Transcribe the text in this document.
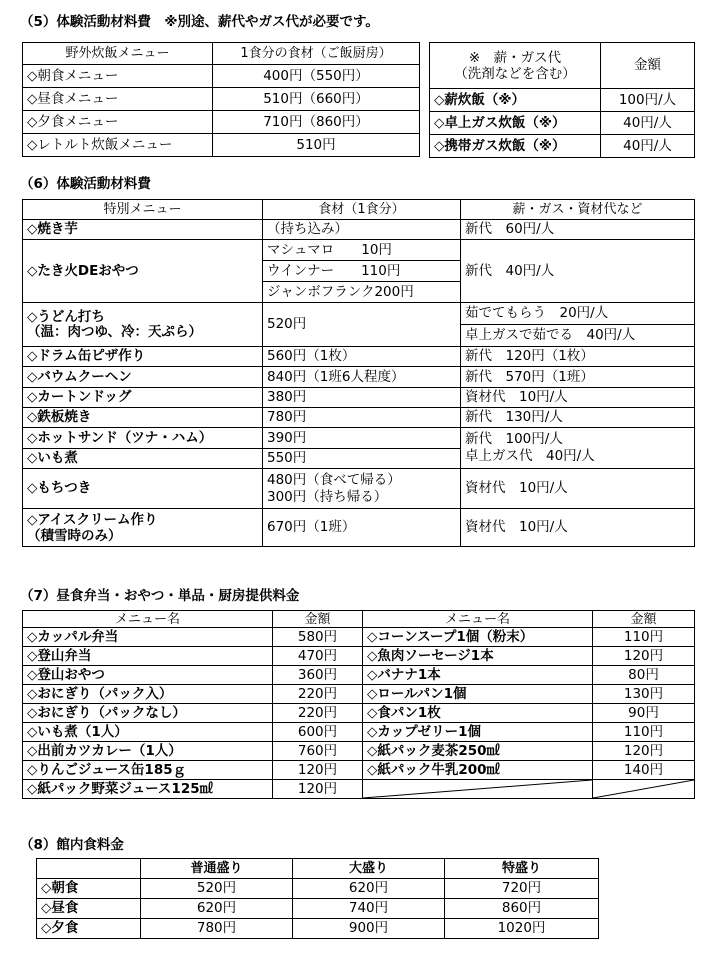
（5）体験活動材料費　※別途、薪代やガス代が必要です。
野外炊飯メニュー	1食分の食材（ご飯厨房）
◇朝食メニュー	400円（550円）
◇昼食メニュー	510円（660円）
◇夕食メニュー	710円（860円）
◇レトルト炊飯メニュー	510円
※　薪・ガス代
（洗剤などを含む）	金額
◇薪炊飯（※）	100円/人
◇卓上ガス炊飯（※）	40円/人
◇携帯ガス炊飯（※）	40円/人
（6）体験活動材料費
特別メニュー	食材（1食分）	薪・ガス・資材代など
◇焼き芋	（持ち込み）	新代　60円/人
◇たき火DEおやつ	マシュマロ　　10円	新代　40円/人
	ウインナー　　110円	
	ジャンボフランク200円	

◇うどん打ち
（温：肉つゆ、冷：天ぷら）	520円	茹でてもらう　20円/人
		卓上ガスで茹でる　40円/人
◇ドラム缶ピザ作り	560円（1枚）	新代　120円（1枚）
◇バウムクーヘン	840円（1班6人程度）	新代　570円（1班）
◇カートンドッグ	380円	資材代　10円/人
◇鉄板焼き	780円	新代　130円/人
◇ホットサンド（ツナ・ハム）	390円	新代　100円/人
卓上ガス代　40円/人

◇いも煮	550円	
◇もちつき	480円（食べて帰る）
300円（持ち帰る）	資材代　10円/人

◇アイスクリーム作り
（積雪時のみ）	670円（1班）	資材代　10円/人
（7）昼食弁当・おやつ・単品・厨房提供料金
メニュー名	金額	メニュー名	金額
◇カッパル弁当	580円	◇コーンスープ1個（粉末）	110円
◇登山弁当	470円	◇魚肉ソーセージ1本	120円
◇登山おやつ	360円	◇バナナ1本	80円
◇おにぎり（パック入）	220円	◇ロールパン1個	130円
◇おにぎり（パックなし）	220円	◇食パン1枚	90円
◇いも煮（1人）	600円	◇カップゼリー1個	110円
◇出前カツカレー（1人）	760円	◇紙パック麦茶250㎖	120円
◇りんごジュース缶185ｇ	120円	◇紙パック牛乳200㎖	140円
◇紙パック野菜ジュース125㎖	120円	

（8）館内食料金
	普通盛り	大盛り	特盛り
◇朝食	520円	620円	720円
◇昼食	620円	740円	860円
◇夕食	780円	900円	1020円
